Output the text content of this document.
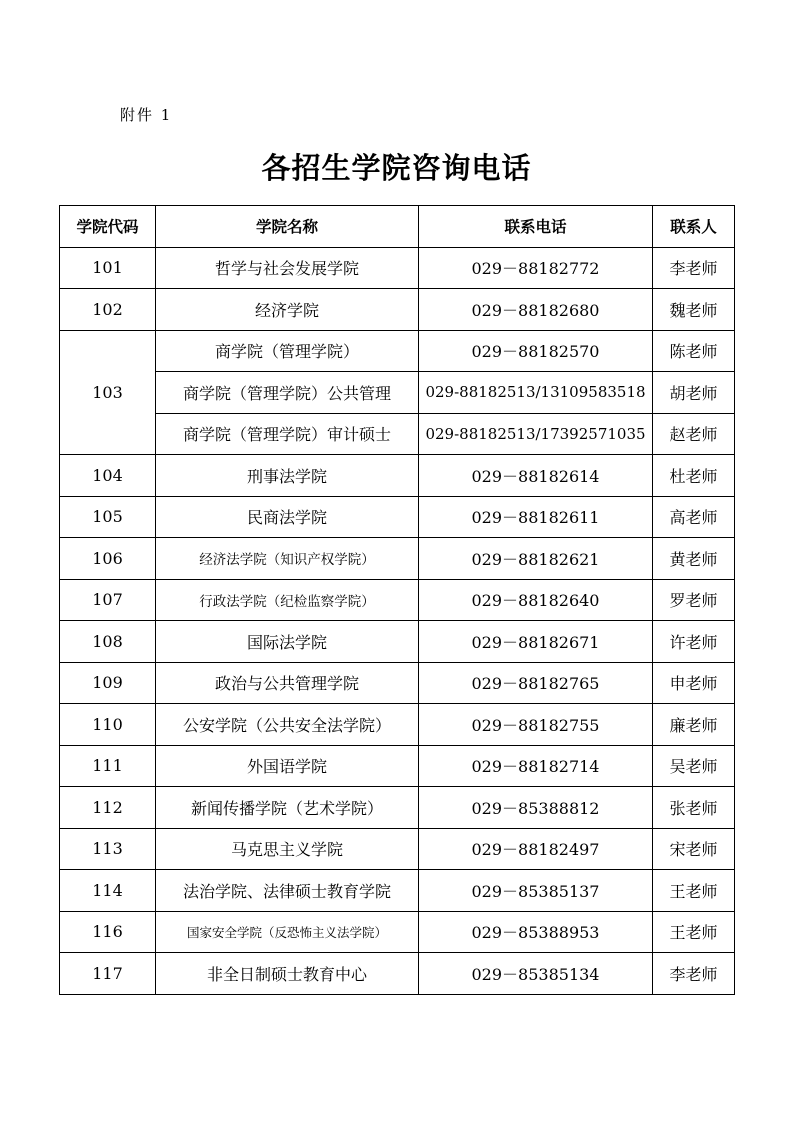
附件 1
各招生学院咨询电话
学院代码	学院名称	联系电话	联系人
101	哲学与社会发展学院	029－88182772	李老师
102	经济学院	029－88182680	魏老师
103	商学院（管理学院）	029－88182570	陈老师
	商学院（管理学院）公共管理	029-88182513/13109583518	胡老师
	商学院（管理学院）审计硕士	029-88182513/17392571035	赵老师
104	刑事法学院	029－88182614	杜老师
105	民商法学院	029－88182611	高老师
106	经济法学院（知识产权学院）	029－88182621	黄老师
107	行政法学院（纪检监察学院）	029－88182640	罗老师
108	国际法学院	029－88182671	许老师
109	政治与公共管理学院	029－88182765	申老师
110	公安学院（公共安全法学院）	029－88182755	廉老师
111	外国语学院	029－88182714	吴老师
112	新闻传播学院（艺术学院）	029－85388812	张老师
113	马克思主义学院	029－88182497	宋老师
114	法治学院、法律硕士教育学院	029－85385137	王老师
116	国家安全学院（反恐怖主义法学院）	029－85388953	王老师
117	非全日制硕士教育中心	029－85385134	李老师
